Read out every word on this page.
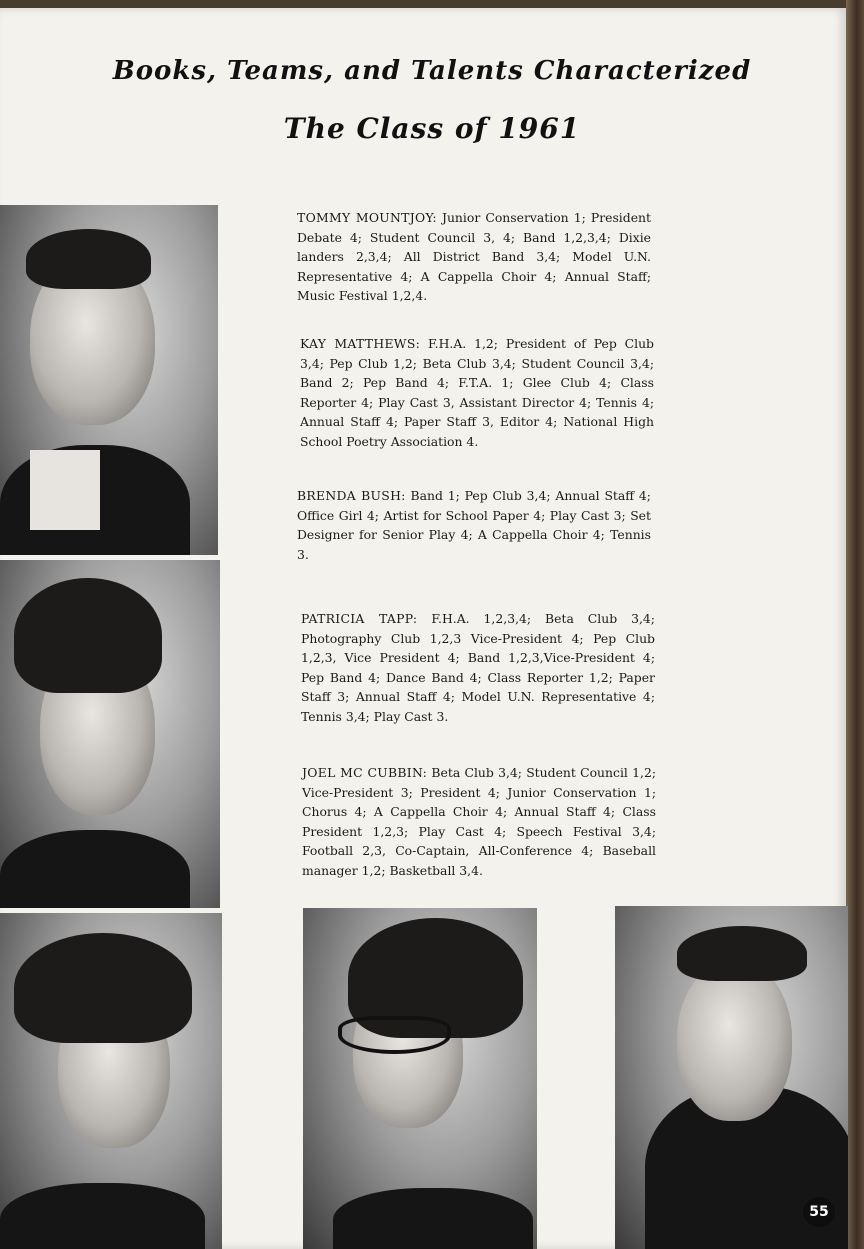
Books, Teams, and Talents Characterized
The Class of 1961
TOMMY MOUNTJOY: Junior Conservation 1; President Debate 4; Student Council 3, 4; Band 1,2,3,4; Dixie landers 2,3,4; All District Band 3,4; Model U.N. Representative 4; A Cappella Choir 4; Annual Staff; Music Festival 1,2,4.
KAY MATTHEWS: F.H.A. 1,2; President of Pep Club 3,4; Pep Club 1,2; Beta Club 3,4; Student Council 3,4; Band 2; Pep Band 4; F.T.A. 1; Glee Club 4; Class Reporter 4; Play Cast 3, Assistant Director 4; Tennis 4; Annual Staff 4; Paper Staff 3, Editor 4; National High School Poetry Association 4.
BRENDA BUSH: Band 1; Pep Club 3,4; Annual Staff 4; Office Girl 4; Artist for School Paper 4; Play Cast 3; Set Designer for Senior Play 4; A Cappella Choir 4; Tennis 3.
PATRICIA TAPP: F.H.A. 1,2,3,4; Beta Club 3,4; Photography Club 1,2,3 Vice-President 4; Pep Club 1,2,3, Vice President 4; Band 1,2,3,Vice-President 4; Pep Band 4; Dance Band 4; Class Reporter 1,2; Paper Staff 3; Annual Staff 4; Model U.N. Representative 4; Tennis 3,4; Play Cast 3.
JOEL MC CUBBIN: Beta Club 3,4; Student Council 1,2; Vice-President 3; President 4; Junior Conservation 1; Chorus 4; A Cappella Choir 4; Annual Staff 4; Class President 1,2,3; Play Cast 4; Speech Festival 3,4; Football 2,3, Co-Captain, All-Conference 4; Baseball manager 1,2; Basketball 3,4.
55
